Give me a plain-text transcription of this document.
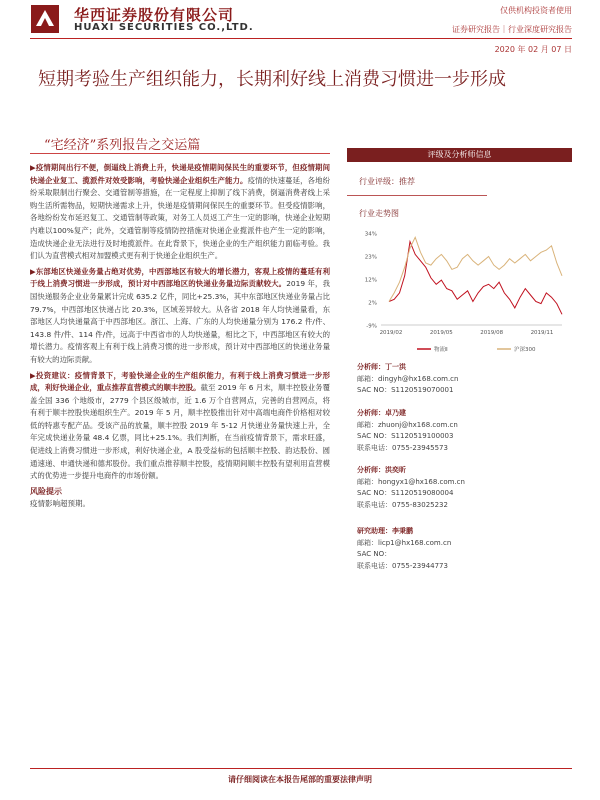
华西证券股份有限公司
HUAXI SECURITIES CO.,LTD.
仅供机构投资者使用
证券研究报告｜行业深度研究报告
2020 年 02 月 07 日
短期考验生产组织能力，长期利好线上消费习惯进一步形成
“宅经济”系列报告之交运篇
▶疫情期间出行不便，倒逼线上消费上升，快递是疫情期间保民生的重要环节，但疫情期间快递企业复工、揽派件对效受影响，考验快递企业组织生产能力。疫情的快速蔓延，各地纷纷采取限制出行聚会、交通管制等措施，在一定程度上抑制了线下消费，倒逼消费者线上采购生活所需物品，短期快递需求上升，快递是疫情期间保民生的重要环节。但受疫情影响，各地纷纷发布延迟复工、交通管制等政策，对务工人员返工产生一定的影响，快递企业短期内难以100%复产；此外，交通管制等疫情防控措施对快递企业揽派件也产生一定的影响，造成快递企业无法进行及时地揽派件。在此背景下，快递企业的生产组织能力面临考验。我们认为直营模式相对加盟模式更有利于快递企业组织生产。
▶东部地区快递业务量占绝对优势，中西部地区有较大的增长潜力，客观上疫情的蔓延有利于线上消费习惯进一步形成，预计对中西部地区的快递业务量边际贡献较大。2019 年，我国快递服务企业业务量累计完成 635.2 亿件，同比+25.3%，其中东部地区快递业务量占比 79.7%，中西部地区快递占比 20.3%，区域差异较大。从各省 2018 年人均快递量看，东部地区人均快递量高于中西部地区。浙江、上海、广东的人均快递量分别为 176.2 件/件、143.8 件/件、114 件/件，远高于中西省市的人均快递量，相比之下，中西部地区有较大的增长潜力。疫情客观上有利于线上消费习惯的进一步形成，预计对中西部地区的快递业务量有较大的边际贡献。
▶投资建议：疫情背景下，考验快递企业的生产组织能力，有利于线上消费习惯进一步形成，利好快递企业，重点推荐直营模式的顺丰控股。截至 2019 年 6 月末，顺丰控股业务覆盖全国 336 个地级市，2779 个县区级城市，近 1.6 万个自营网点，完善的自营网点，将有利于顺丰控股快递组织生产。2019 年 5 月，顺丰控股推出针对中高端电商件价格相对较低的特惠专配产品。受该产品的放量，顺丰控股 2019 年 5-12 月快递业务量快速上升，全年完成快递业务量 48.4 亿票，同比+25.1%。我们判断，在当前疫情背景下，需求旺盛，促进线上消费习惯进一步形成，利好快递企业，A 股受益标的包括顺丰控股、韵达股份、圆通速递、申通快递和德邦股份。我们重点推荐顺丰控股，疫情期间顺丰控股有望利用直营模式的优势进一步提升电商件的市场份额。
风险提示
疫情影响超预期。
评级及分析师信息
行业评级：推荐
行业走势图
34%
23%
12%
2%
-9%
2019/02	2019/05	2019/08	2019/11
物流Ⅱ	沪深300
分析师：丁一洪
邮箱：dingyh@hx168.com.cn
SAC NO：S1120519070001
分析师：卓乃建
邮箱：zhuonj@hx168.com.cn
SAC NO：S1120519100003
联系电话：0755-23945573
分析师：洪奕昕
邮箱：hongyx1@hx168.com.cn
SAC NO：S1120519080004
联系电话：0755-83025232
研究助理：李秉鹏
邮箱：licp1@hx168.com.cn
SAC NO：
联系电话：0755-23944773
请仔细阅读在本报告尾部的重要法律声明
